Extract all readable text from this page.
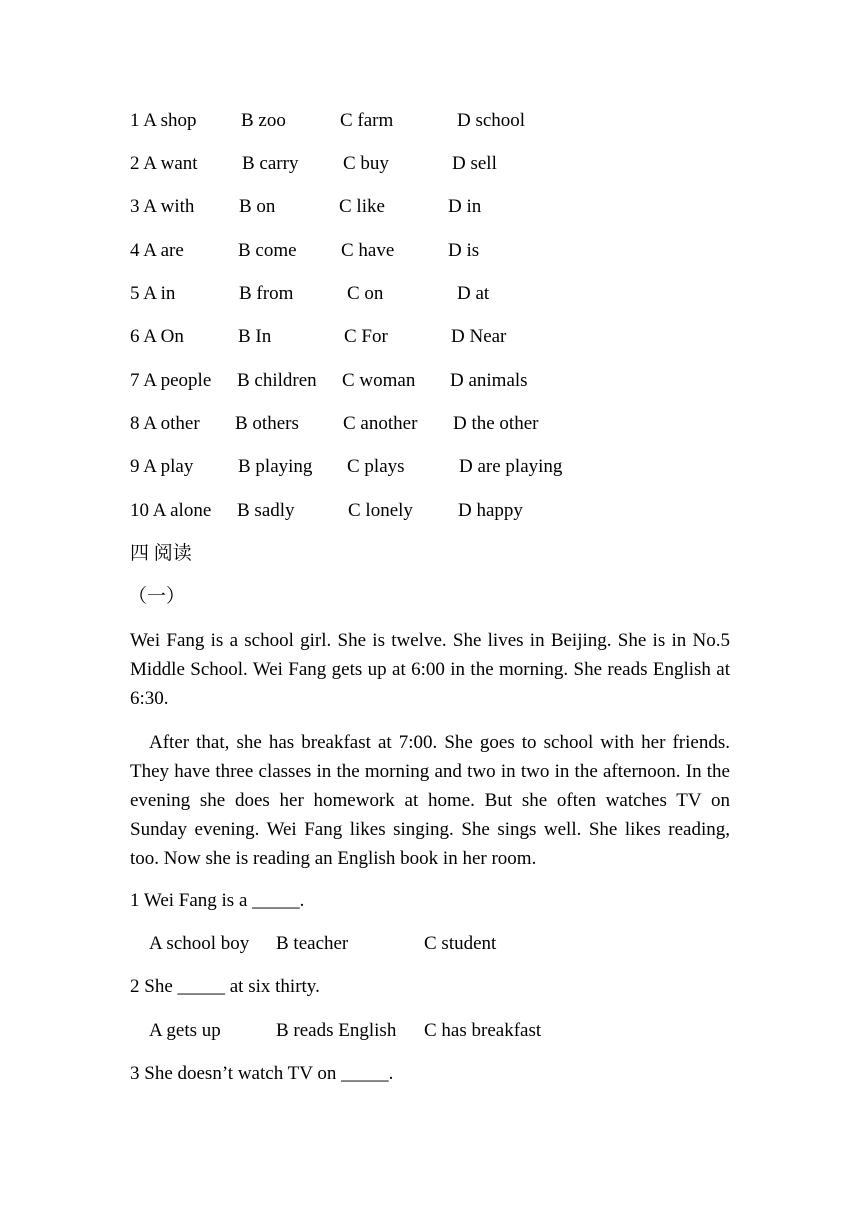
1 A shop B zoo	C farm	D school
2 A want B carry C buy	D sell
3 A with B on	C like	D in
4 A are	B come C have	D is
5 A in	B from	C on	D at
6 A On	B In	C For	D Near
7 A people B children C woman D animals
8 A other B others C another D the other
9 A play B playing C plays	D are playing
10 A alone B sadly	C lonely D happy
四 阅读
（一）

Wei Fang is a school girl. She is twelve. She lives in Beijing. She is in No.5 Middle School. Wei Fang gets up at 6:00 in the morning. She reads English at 6:30.

After that, she has breakfast at 7:00. She goes to school with her friends. They have three classes in the morning and two in two in the afternoon. In the evening she does her homework at home. But she often watches TV on Sunday evening. Wei Fang likes singing. She sings well. She likes reading, too. Now she is reading an English book in her room.

1 Wei Fang is a _____.
A school boy B teacher	C student
2 She _____ at six thirty.
A gets up	B reads English C has breakfast
3 She doesn’t watch TV on _____.
